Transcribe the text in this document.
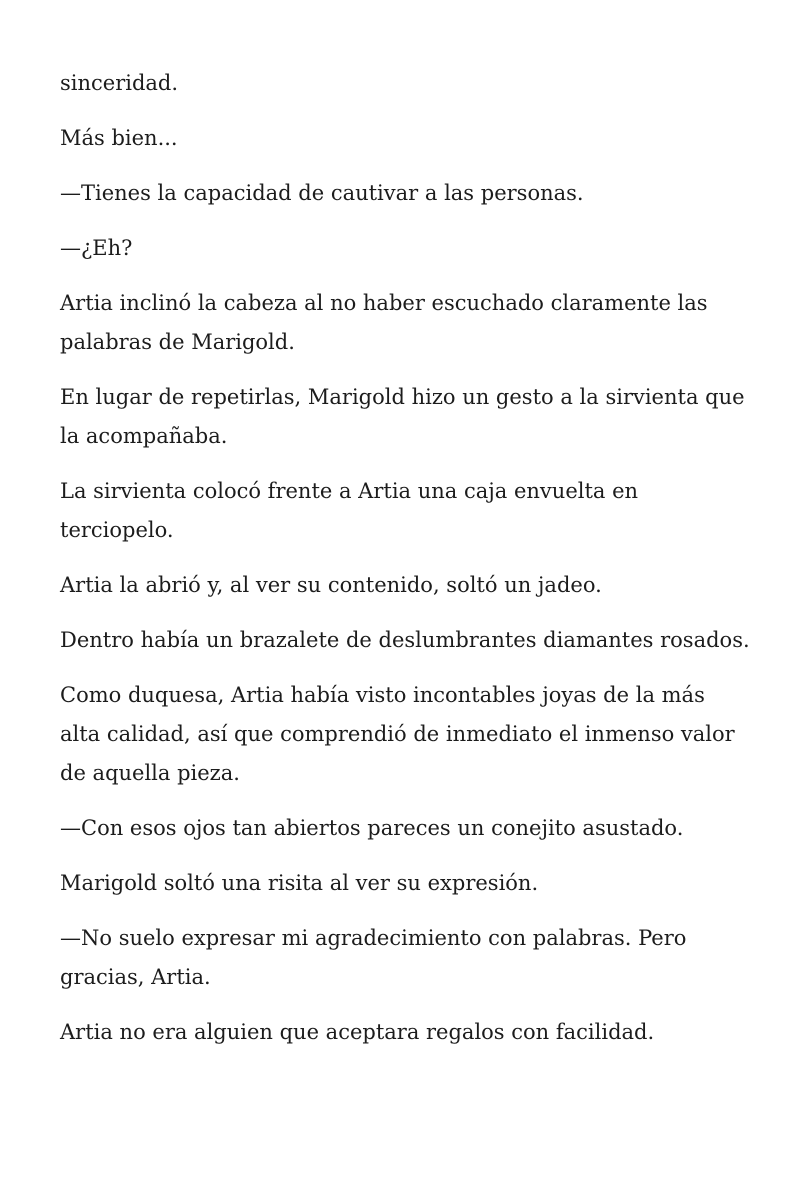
sinceridad.

Más bien...

—Tienes la capacidad de cautivar a las personas.

—¿Eh?

Artia inclinó la cabeza al no haber escuchado claramente las palabras de Marigold.

En lugar de repetirlas, Marigold hizo un gesto a la sirvienta que la acompañaba.

La sirvienta colocó frente a Artia una caja envuelta en terciopelo.

Artia la abrió y, al ver su contenido, soltó un jadeo.

Dentro había un brazalete de deslumbrantes diamantes rosados.

Como duquesa, Artia había visto incontables joyas de la más alta calidad, así que comprendió de inmediato el inmenso valor de aquella pieza.

—Con esos ojos tan abiertos pareces un conejito asustado.

Marigold soltó una risita al ver su expresión.

—No suelo expresar mi agradecimiento con palabras. Pero gracias, Artia.

Artia no era alguien que aceptara regalos con facilidad.
